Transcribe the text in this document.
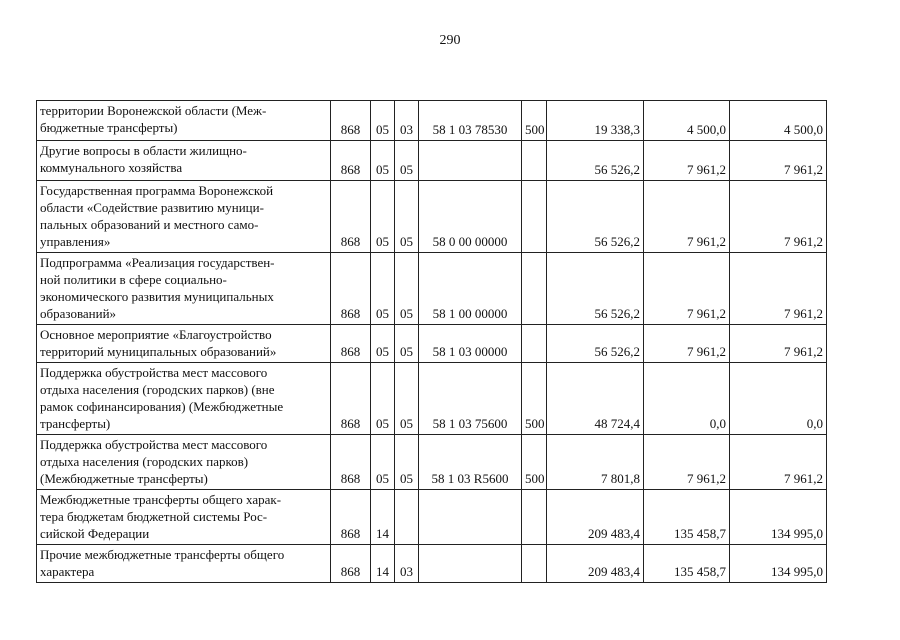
290
территории Воронежской области (Меж-
бюджетные трансферты)	868	05	03	58 1 03 78530	500	19 338,3	4 500,0	4 500,0

Другие вопросы в области жилищно-
коммунального хозяйства	868	05	05			56 526,2	7 961,2	7 961,2

Государственная программа Воронежской
области «Содействие развитию муници-
пальных образований и местного само-
управления»	868	05	05	58 0 00 00000		56 526,2	7 961,2	7 961,2

Подпрограмма «Реализация государствен-
ной политики в сфере социально-
экономического развития муниципальных
образований»	868	05	05	58 1 00 00000		56 526,2	7 961,2	7 961,2

Основное мероприятие «Благоустройство
территорий муниципальных образований»	868	05	05	58 1 03 00000		56 526,2	7 961,2	7 961,2

Поддержка обустройства мест массового
отдыха населения (городских парков) (вне
рамок софинансирования) (Межбюджетные
трансферты)	868	05	05	58 1 03 75600	500	48 724,4	0,0	0,0

Поддержка обустройства мест массового
отдыха населения (городских парков)
(Межбюджетные трансферты)	868	05	05	58 1 03 R5600	500	7 801,8	7 961,2	7 961,2

Межбюджетные трансферты общего харак-
тера бюджетам бюджетной системы Рос-
сийской Федерации	868	14				209 483,4	135 458,7	134 995,0

Прочие межбюджетные трансферты общего
характера	868	14	03			209 483,4	135 458,7	134 995,0
